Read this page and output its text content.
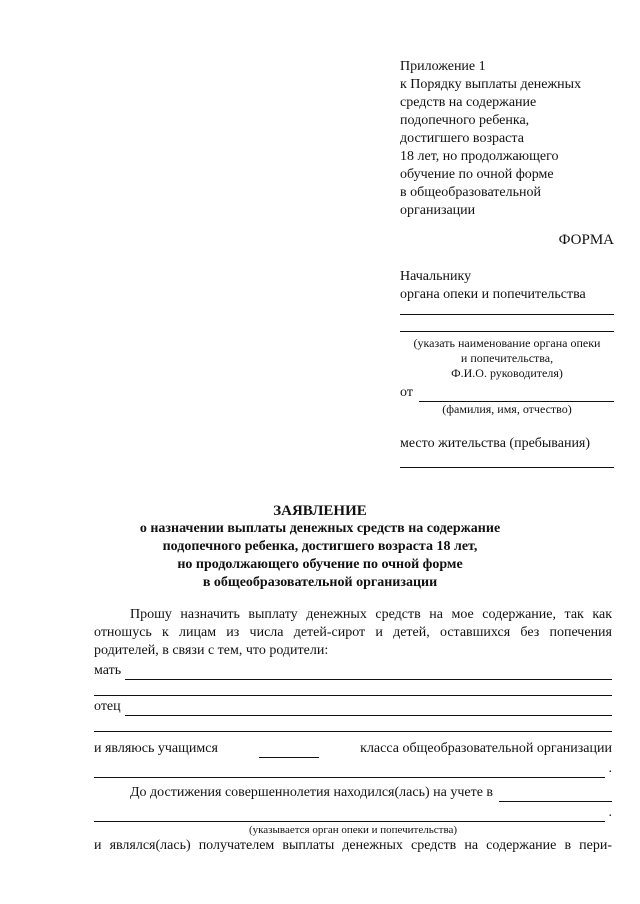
Приложение 1
к Порядку выплаты денежных
средств на содержание
подопечного ребенка,
достигшего возраста
18 лет, но продолжающего
обучение по очной форме
в общеобразовательной
организации
ФОРМА
Начальнику
органа опеки и попечительства
(указать наименование органа опеки
и попечительства,
Ф.И.О. руководителя)
от
(фамилия, имя, отчество)
место жительства (пребывания)
ЗАЯВЛЕНИЕ
о назначении выплаты денежных средств на содержание
подопечного ребенка, достигшего возраста 18 лет,
но продолжающего обучение по очной форме
в общеобразовательной организации
Прошу назначить выплату денежных средств на мое содержание, так как отношусь к лицам из числа детей-сирот и детей, оставшихся без попечения родителей, в связи с тем, что родители:
мать
отец
и являюсь учащимся	класса общеобразовательной организации
.
До достижения совершеннолетия находился(лась) на учете в
.
(указывается орган опеки и попечительства)
и являлся(лась) получателем выплаты денежных средств на содержание в пери-
